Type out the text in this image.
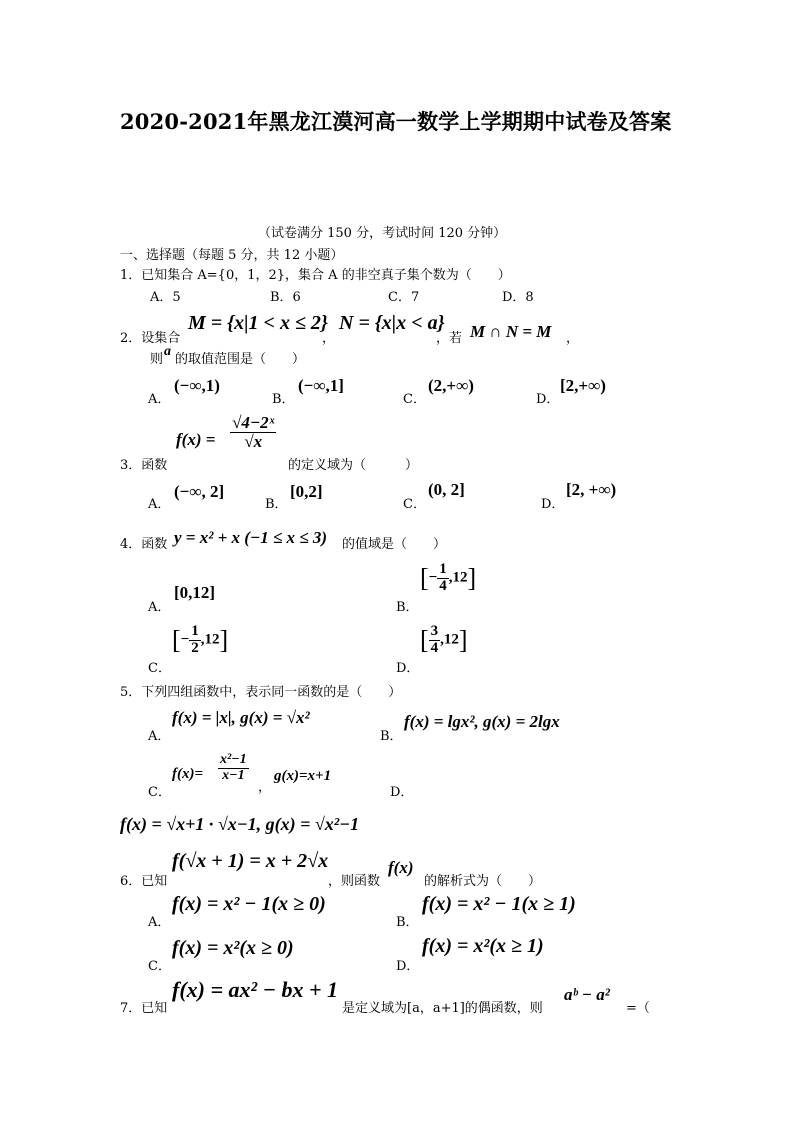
2020-2021年黑龙江漠河高一数学上学期期中试卷及答案
（试卷满分 150 分，考试时间 120 分钟）
一、选择题（每题 5 分，共 12 小题）
1．已知集合 A={0，1，2}，集合 A 的非空真子集个数为（　　）
A．5	B．6	C．7	D．8
2．设集合
M = {x|1 < x ≤ 2}
，
N = {x|x < a}
，若 M ∩ N = M ，
则
a
的取值范围是（　　）
A．
(−∞,1)
B．
(−∞,1]
C．
(2,+∞)
D．
[2,+∞)
3．函数
$f(x) = \frac{\text{√4−2ˣ}}{√x}$
的定义域为（　　　）
A．
(−∞, 2]
B．
[0,2]
C．
(0, 2]
D．
[2, +∞)
4．函数 y = x² + x (−1 ≤ x ≤ 3) 的值域是（　　）
A．
[0,12]
B．
[− $\frac{1}{4} ,12$]
C．
[− $\frac{1}{2} ,12$]
D．
[ $\frac{3}{4} ,12$]
5．下列四组函数中，表示同一函数的是（　　）
A．
f(x) = |x|, g(x) = √x²
B．
f(x) = lgx², g(x) = 2lgx
C．
$f(x)= \frac{\text{x²−1}}{x-1}$
，
g(x)=x+1
D．
f(x) = √x+1 · √x−1, g(x) = √x²−1
6．已知
f(√x + 1) = x + 2√x
，则函数
f(x)
的解析式为（　　）
A．
f(x) = x² − 1(x ≥ 0)
B．
f(x) = x² − 1(x ≥ 1)
C．
f(x) = x²(x ≥ 0)
D．
f(x) = x²(x ≥ 1)
7．已知
f(x) = ax² − bx + 1
是定义域为[a，a+1]的偶函数，则
aᵇ − a²
=（
